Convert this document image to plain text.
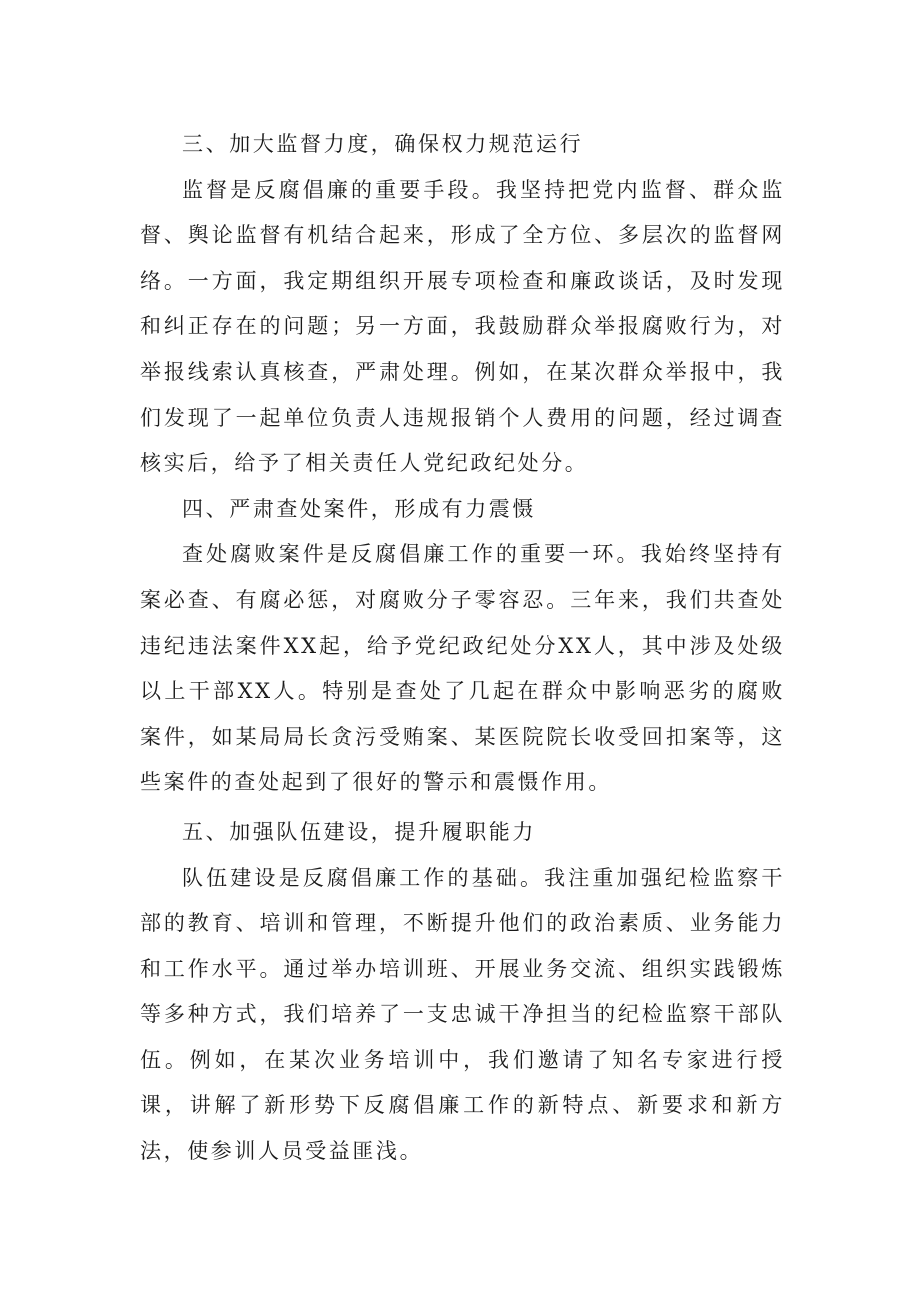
三、加大监督力度，确保权力规范运行

监督是反腐倡廉的重要手段。我坚持把党内监督、群众监督、舆论监督有机结合起来，形成了全方位、多层次的监督网络。一方面，我定期组织开展专项检查和廉政谈话，及时发现和纠正存在的问题；另一方面，我鼓励群众举报腐败行为，对举报线索认真核查，严肃处理。例如，在某次群众举报中，我们发现了一起单位负责人违规报销个人费用的问题，经过调查核实后，给予了相关责任人党纪政纪处分。

四、严肃查处案件，形成有力震慑

查处腐败案件是反腐倡廉工作的重要一环。我始终坚持有案必查、有腐必惩，对腐败分子零容忍。三年来，我们共查处违纪违法案件XX起，给予党纪政纪处分XX人，其中涉及处级以上干部XX人。特别是查处了几起在群众中影响恶劣的腐败案件，如某局局长贪污受贿案、某医院院长收受回扣案等，这些案件的查处起到了很好的警示和震慑作用。

五、加强队伍建设，提升履职能力

队伍建设是反腐倡廉工作的基础。我注重加强纪检监察干部的教育、培训和管理，不断提升他们的政治素质、业务能力和工作水平。通过举办培训班、开展业务交流、组织实践锻炼等多种方式，我们培养了一支忠诚干净担当的纪检监察干部队伍。例如，在某次业务培训中，我们邀请了知名专家进行授课，讲解了新形势下反腐倡廉工作的新特点、新要求和新方法，使参训人员受益匪浅。
